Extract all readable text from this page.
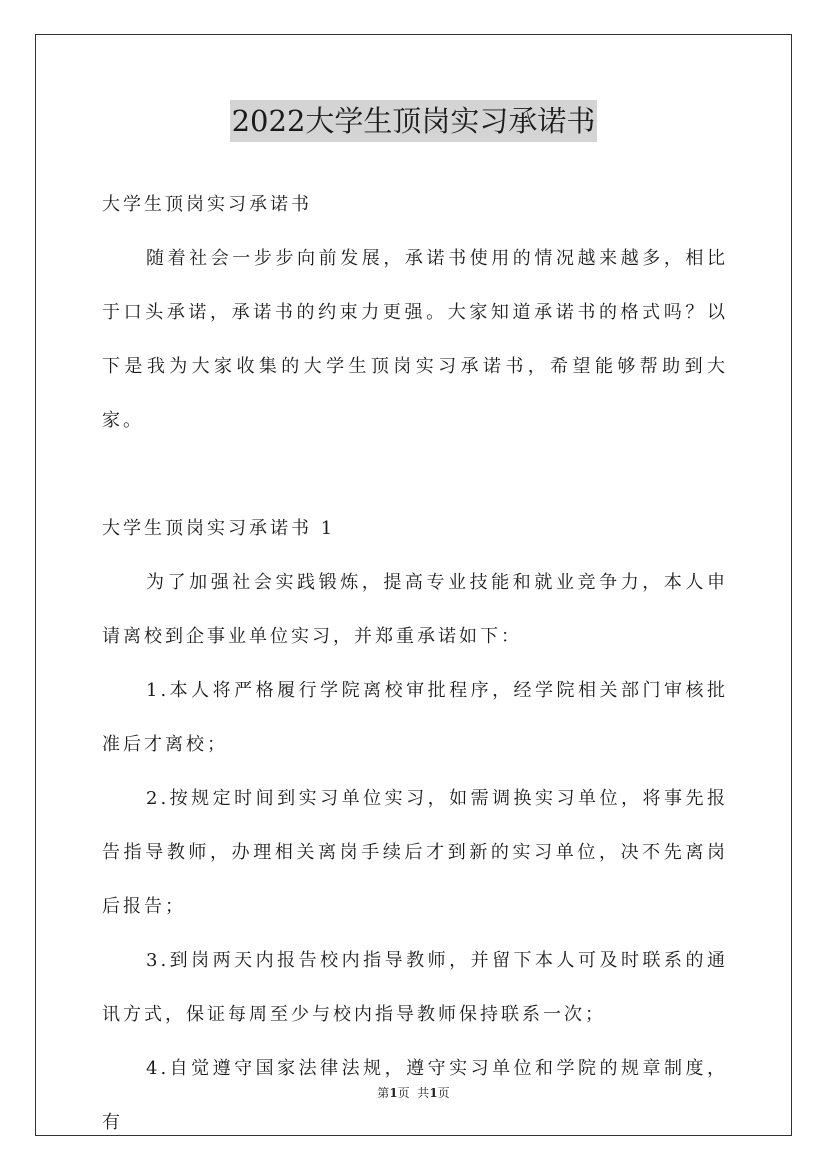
2022大学生顶岗实习承诺书

大学生顶岗实习承诺书

随着社会一步步向前发展，承诺书使用的情况越来越多，相比于口头承诺，承诺书的约束力更强。大家知道承诺书的格式吗？以下是我为大家收集的大学生顶岗实习承诺书，希望能够帮助到大家。

大学生顶岗实习承诺书 1

为了加强社会实践锻炼，提高专业技能和就业竞争力，本人申请离校到企事业单位实习，并郑重承诺如下：

1.本人将严格履行学院离校审批程序，经学院相关部门审核批准后才离校；

2.按规定时间到实习单位实习，如需调换实习单位，将事先报告指导教师，办理相关离岗手续后才到新的实习单位，决不先离岗后报告；

3.到岗两天内报告校内指导教师，并留下本人可及时联系的通讯方式，保证每周至少与校内指导教师保持联系一次；

4.自觉遵守国家法律法规，遵守实习单位和学院的规章制度，有

第1页  共1页
